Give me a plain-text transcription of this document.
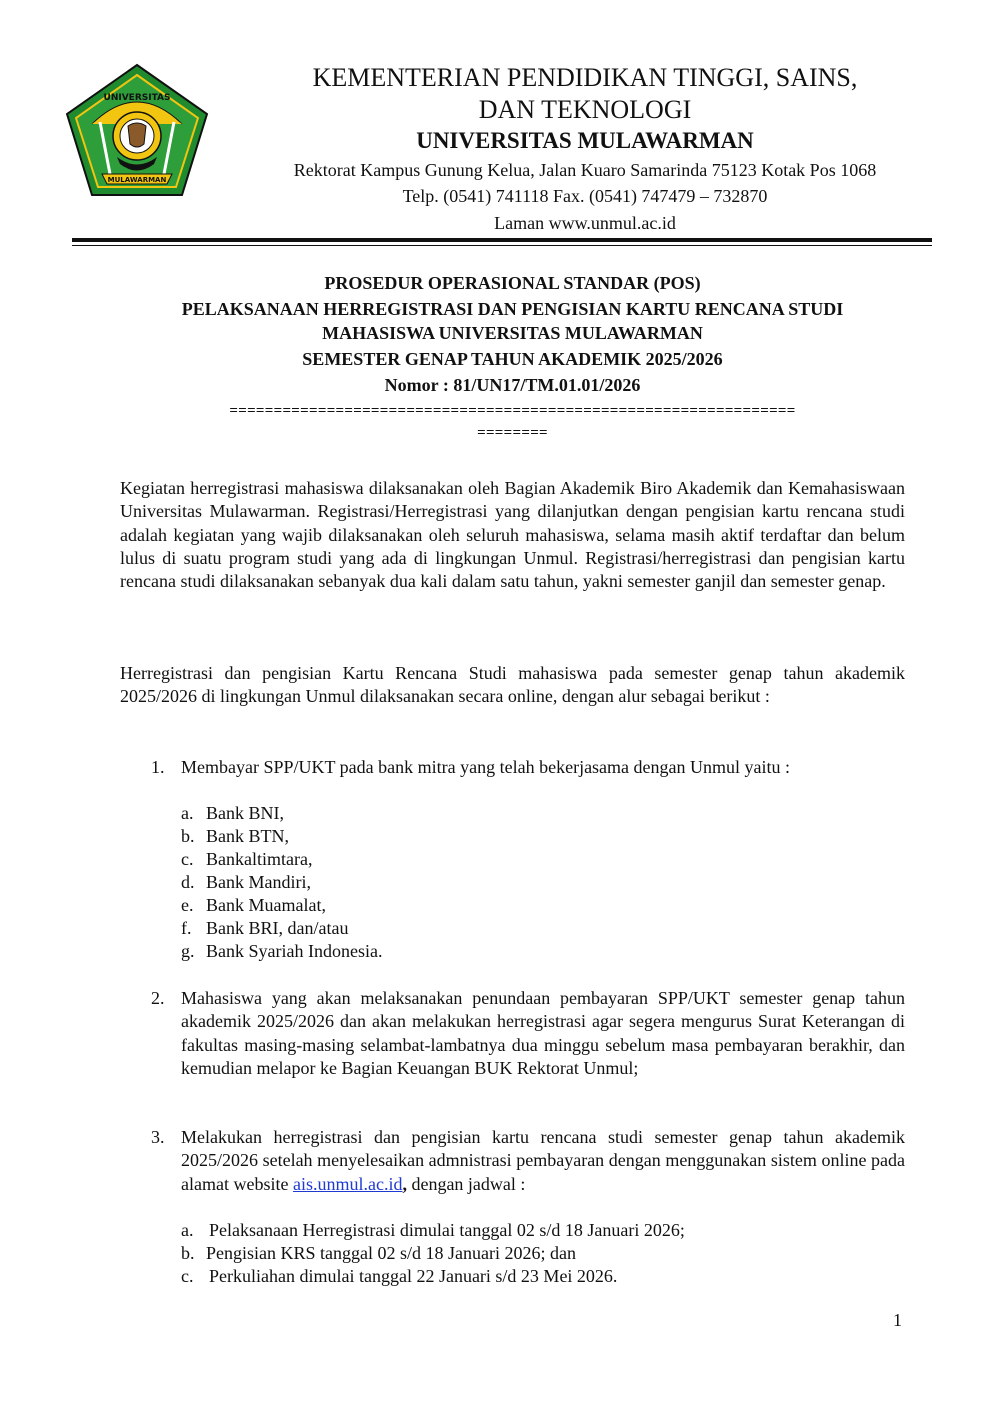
UNIVERSITAS
MULAWARMAN
KEMENTERIAN PENDIDIKAN TINGGI, SAINS,
DAN TEKNOLOGI
UNIVERSITAS MULAWARMAN
Rektorat Kampus Gunung Kelua, Jalan Kuaro Samarinda 75123 Kotak Pos 1068
Telp. (0541) 741118 Fax. (0541) 747479 – 732870
Laman www.unmul.ac.id
PROSEDUR OPERASIONAL STANDAR (POS)
PELAKSANAAN HERREGISTRASI DAN PENGISIAN KARTU RENCANA STUDI
MAHASISWA UNIVERSITAS MULAWARMAN
SEMESTER GENAP TAHUN AKADEMIK 2025/2026
Nomor : 81/UN17/TM.01.01/2026
================================================================
========

Kegiatan herregistrasi mahasiswa dilaksanakan oleh Bagian Akademik Biro Akademik dan Kemahasiswaan Universitas Mulawarman. Registrasi/Herregistrasi yang dilanjutkan dengan pengisian kartu rencana studi adalah kegiatan yang wajib dilaksanakan oleh seluruh mahasiswa, selama masih aktif terdaftar dan belum lulus di suatu program studi yang ada di lingkungan Unmul. Registrasi/herregistrasi dan pengisian kartu rencana studi dilaksanakan sebanyak dua kali dalam satu tahun, yakni semester ganjil dan semester genap.

Herregistrasi dan pengisian Kartu Rencana Studi mahasiswa pada semester genap tahun akademik 2025/2026 di lingkungan Unmul dilaksanakan secara online, dengan alur sebagai berikut :

1. Membayar SPP/UKT pada bank mitra yang telah bekerjasama dengan Unmul yaitu :
a. Bank BNI,
b. Bank BTN,
c. Bankaltimtara,
d. Bank Mandiri,
e. Bank Muamalat,
f. Bank BRI, dan/atau
g. Bank Syariah Indonesia.
2. Mahasiswa yang akan melaksanakan penundaan pembayaran SPP/UKT semester genap tahun akademik 2025/2026 dan akan melakukan herregistrasi agar segera mengurus Surat Keterangan di fakultas masing-masing selambat-lambatnya dua minggu sebelum masa pembayaran berakhir, dan kemudian melapor ke Bagian Keuangan BUK Rektorat Unmul;
3. Melakukan herregistrasi dan pengisian kartu rencana studi semester genap tahun akademik 2025/2026 setelah menyelesaikan admnistrasi pembayaran dengan menggunakan sistem online pada alamat website ais.unmul.ac.id, dengan jadwal :
a. Pelaksanaan Herregistrasi dimulai tanggal 02 s/d 18 Januari 2026;
b. Pengisian KRS tanggal 02 s/d 18 Januari 2026; dan
c. Perkuliahan dimulai tanggal 22 Januari s/d 23 Mei 2026.
1
